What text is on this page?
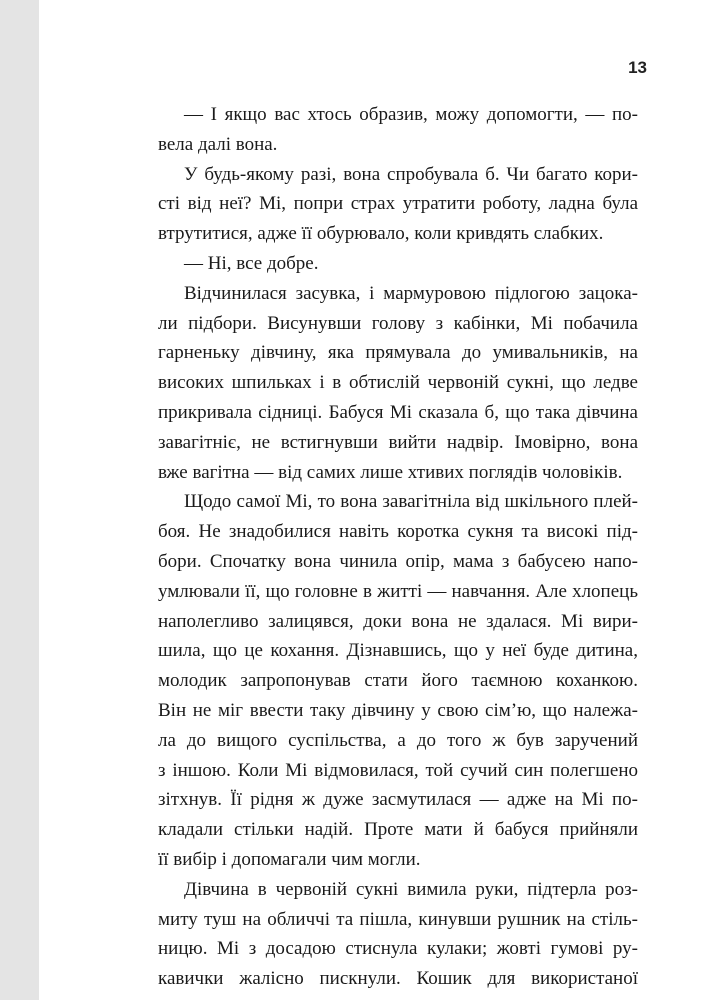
13
— І якщо вас хтось образив, можу допомогти, — по-
вела далі вона.
У будь-якому разі, вона спробувала б. Чи багато кори-
сті від неї? Мі, попри страх утратити роботу, ладна була
втрутитися, адже її обурювало, коли кривдять слабких.
— Ні, все добре.
Відчинилася засувка, і мармуровою підлогою зацока-
ли підбори. Висунувши голову з кабінки, Мі побачила
гарненьку дівчину, яка прямувала до умивальників, на
високих шпильках і в обтислій червоній сукні, що ледве
прикривала сідниці. Бабуся Мі сказала б, що така дівчина
завагітніє, не встигнувши вийти надвір. Імовірно, вона
вже вагітна — від самих лише хтивих поглядів чоловіків.
Щодо самої Мі, то вона завагітніла від шкільного плей-
боя. Не знадобилися навіть коротка сукня та високі під-
бори. Спочатку вона чинила опір, мама з бабусею напо-
умлювали її, що головне в житті — навчання. Але хлопець
наполегливо залицявся, доки вона не здалася. Мі вири-
шила, що це кохання. Дізнавшись, що у неї буде дитина,
молодик запропонував стати його таємною коханкою.
Він не міг ввести таку дівчину у свою сім’ю, що належа-
ла до вищого суспільства, а до того ж був заручений
з іншою. Коли Мі відмовилася, той сучий син полегшено
зітхнув. Її рідня ж дуже засмутилася — адже на Мі по-
кладали стільки надій. Проте мати й бабуся прийняли
її вибір і допомагали чим могли.
Дівчина в червоній сукні вимила руки, підтерла роз-
миту туш на обличчі та пішла, кинувши рушник на стіль-
ницю. Мі з досадою стиснула кулаки; жовті гумові ру-
кавички жалісно пискнули. Кошик для використаної
